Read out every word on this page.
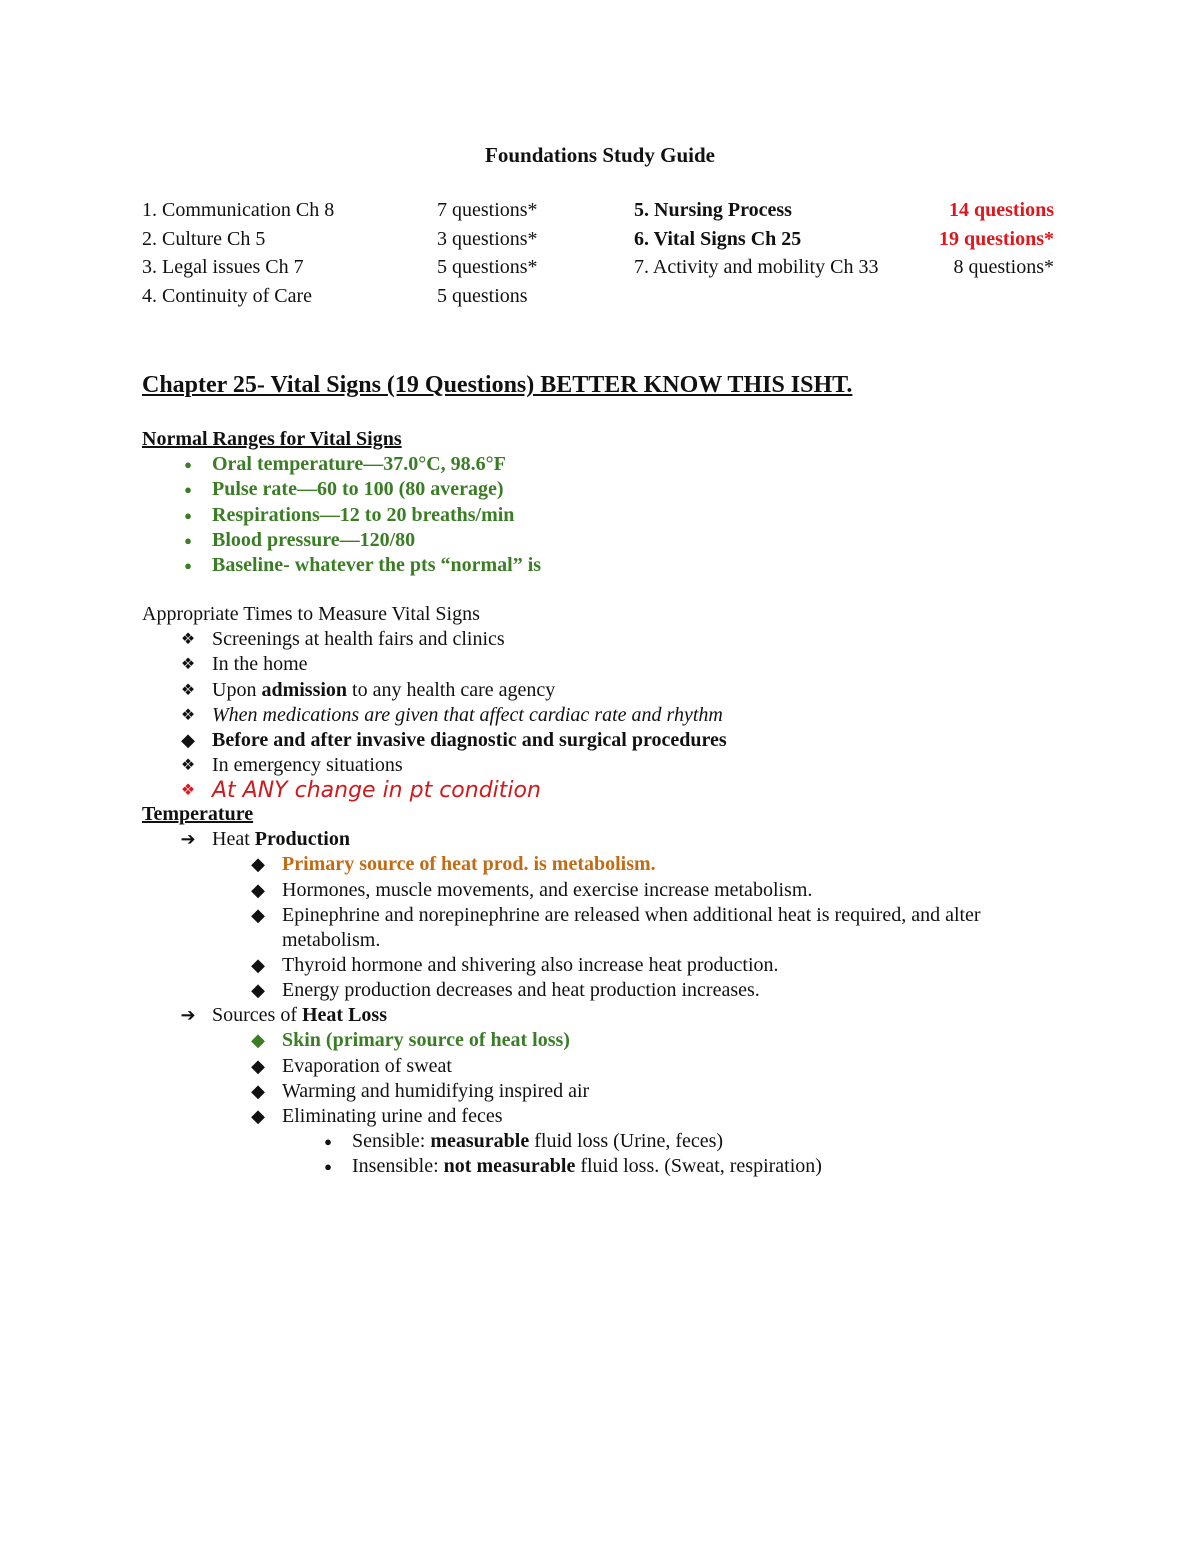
Foundations Study Guide
1. Communication Ch 8	7 questions*	5. Nursing Process	14 questions
2. Culture Ch 5	3 questions*	6. Vital Signs Ch 25	19 questions*
3. Legal issues Ch 7	5 questions*	7. Activity and mobility Ch 33	8 questions*
4. Continuity of Care	5 questions
Chapter 25- Vital Signs (19 Questions) BETTER KNOW THIS ISHT.
Normal Ranges for Vital Signs
●	Oral temperature—37.0°C, 98.6°F
●	Pulse rate—60 to 100 (80 average)
●	Respirations—12 to 20 breaths/min
●	Blood pressure—120/80
●	Baseline- whatever the pts “normal” is
Appropriate Times to Measure Vital Signs
❖ Screenings at health fairs and clinics
❖ In the home
❖ Upon admission to any health care agency
❖ When medications are given that affect cardiac rate and rhythm
◆ Before and after invasive diagnostic and surgical procedures
❖ In emergency situations
❖ At ANY change in pt condition
Temperature
➔ Heat Production
◆ Primary source of heat prod. is metabolism.
◆ Hormones, muscle movements, and exercise increase metabolism.
◆ Epinephrine and norepinephrine are released when additional heat is required, and alter metabolism.
◆ Thyroid hormone and shivering also increase heat production.
◆ Energy production decreases and heat production increases.
➔ Sources of Heat Loss
◆ Skin (primary source of heat loss)
◆ Evaporation of sweat
◆ Warming and humidifying inspired air
◆ Eliminating urine and feces
●	Sensible: measurable fluid loss (Urine, feces)
●	Insensible: not measurable fluid loss. (Sweat, respiration)
